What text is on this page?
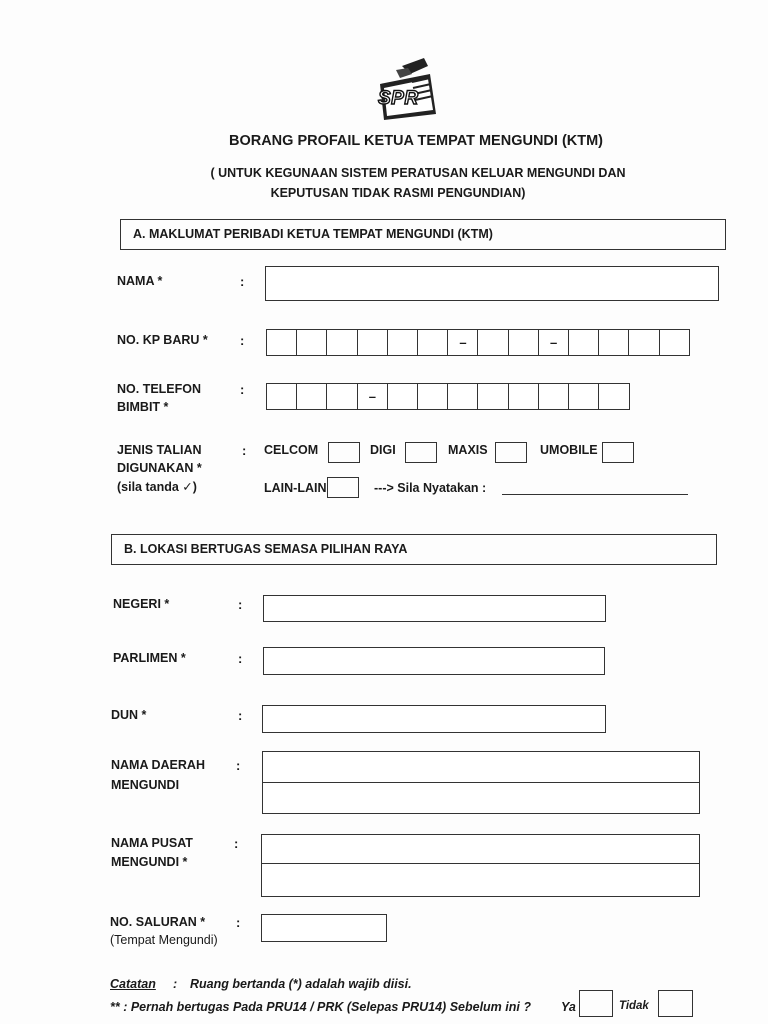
SPR
BORANG PROFAIL KETUA TEMPAT MENGUNDI (KTM)
( UNTUK KEGUNAAN SISTEM PERATUSAN KELUAR MENGUNDI DAN
KEPUTUSAN TIDAK RASMI PENGUNDIAN)
A. MAKLUMAT PERIBADI KETUA TEMPAT MENGUNDI (KTM)
NAMA *	:
NO. KP BARU * :	–	–
NO. TELEFON
BIMBIT *
:	–
JENIS TALIAN
DIGUNAKAN *
(sila tanda ✓)
: CELCOM	DIGI	MAXIS	UMOBILE
LAIN-LAIN	---> Sila Nyatakan :
B. LOKASI BERTUGAS SEMASA PILIHAN RAYA
NEGERI *	:
PARLIMEN *	:
DUN *	:
NAMA DAERAH
MENGUNDI
:
NAMA PUSAT
MENGUNDI *
:
NO. SALURAN *
(Tempat Mengundi)
:
Catatan : Ruang bertanda (*) adalah wajib diisi.
** : Pernah bertugas Pada PRU14 / PRK (Selepas PRU14) Sebelum ini ? Ya	Tidak
